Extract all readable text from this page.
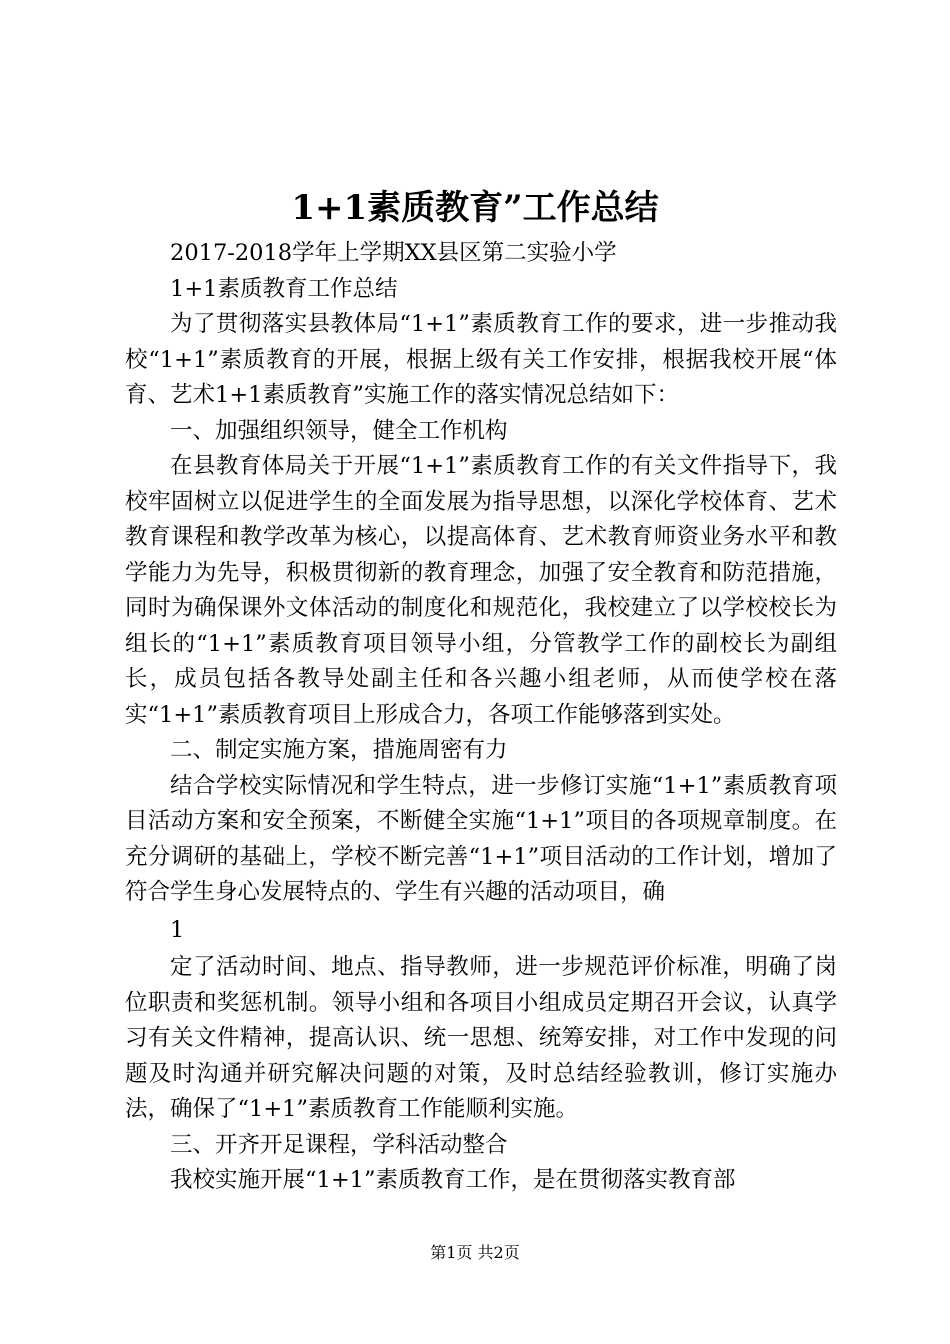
1+1素质教育”工作总结

2017-2018学年上学期XX县区第二实验小学

1+1素质教育工作总结

为了贯彻落实县教体局“1+1”素质教育工作的要求，进一步推动我校“1+1”素质教育的开展，根据上级有关工作安排，根据我校开展“体育、艺术1+1素质教育”实施工作的落实情况总结如下：

一、加强组织领导，健全工作机构

在县教育体局关于开展“1+1”素质教育工作的有关文件指导下，我校牢固树立以促进学生的全面发展为指导思想，以深化学校体育、艺术教育课程和教学改革为核心，以提高体育、艺术教育师资业务水平和教学能力为先导，积极贯彻新的教育理念，加强了安全教育和防范措施，同时为确保课外文体活动的制度化和规范化，我校建立了以学校校长为组长的“1+1”素质教育项目领导小组，分管教学工作的副校长为副组长，成员包括各教导处副主任和各兴趣小组老师，从而使学校在落实“1+1”素质教育项目上形成合力，各项工作能够落到实处。

二、制定实施方案，措施周密有力

结合学校实际情况和学生特点，进一步修订实施“1+1”素质教育项目活动方案和安全预案，不断健全实施“1+1”项目的各项规章制度。在充分调研的基础上，学校不断完善“1+1”项目活动的工作计划，增加了符合学生身心发展特点的、学生有兴趣的活动项目，确

1

定了活动时间、地点、指导教师，进一步规范评价标准，明确了岗位职责和奖惩机制。领导小组和各项目小组成员定期召开会议，认真学习有关文件精神，提高认识、统一思想、统筹安排，对工作中发现的问题及时沟通并研究解决问题的对策，及时总结经验教训，修订实施办法，确保了“1+1”素质教育工作能顺利实施。

三、开齐开足课程，学科活动整合

我校实施开展“1+1”素质教育工作，是在贯彻落实教育部

第1页 共2页
